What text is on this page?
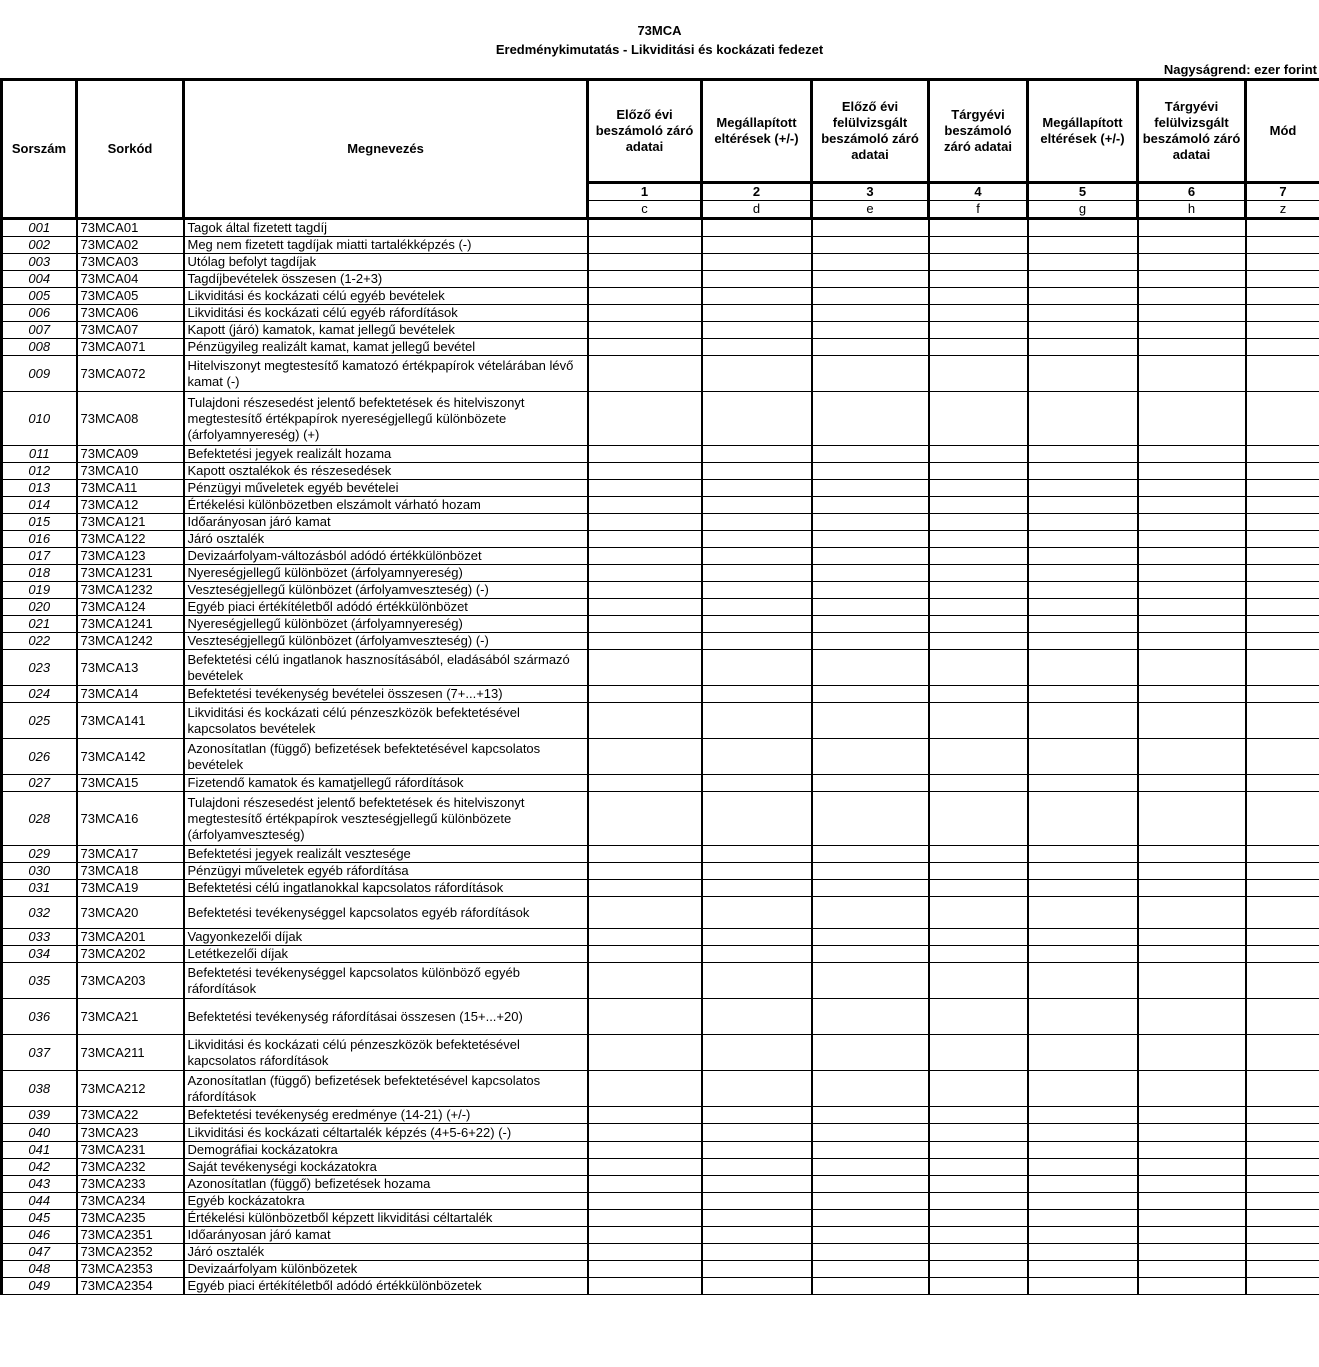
73MCA
Eredménykimutatás - Likviditási és kockázati fedezet
Nagyságrend: ezer forint
Sorszám	Sorkód	Megnevezés	Előző évi beszámoló záró adatai	Megállapított eltérések (+/-)	Előző évi felülvizsgált beszámoló záró adatai	Tárgyévi beszámoló záró adatai	Megállapított eltérések (+/-)	Tárgyévi felülvizsgált beszámoló záró adatai	Mód
			1	2	3	4	5	6	7
			c	d	e	f	g	h	z
001	73MCA01	Tagok által fizetett tagdíj							
002	73MCA02	Meg nem fizetett tagdíjak miatti tartalékképzés (-)							
003	73MCA03	Utólag befolyt tagdíjak							
004	73MCA04	Tagdíjbevételek összesen (1-2+3)							
005	73MCA05	Likviditási és kockázati célú egyéb bevételek							
006	73MCA06	Likviditási és kockázati célú egyéb ráfordítások							
007	73MCA07	Kapott (járó) kamatok, kamat jellegű bevételek							
008	73MCA071	Pénzügyileg realizált kamat, kamat jellegű bevétel							
009	73MCA072	Hitelviszonyt megtestesítő kamatozó értékpapírok vételárában lévő kamat (-)							
010	73MCA08	Tulajdoni részesedést jelentő befektetések és hitelviszonyt megtestesítő értékpapírok nyereségjellegű különbözete (árfolyamnyereség) (+)							
011	73MCA09	Befektetési jegyek realizált hozama							
012	73MCA10	Kapott osztalékok és részesedések							
013	73MCA11	Pénzügyi műveletek egyéb bevételei							
014	73MCA12	Értékelési különbözetben elszámolt várható hozam							
015	73MCA121	Időarányosan járó kamat							
016	73MCA122	Járó osztalék							
017	73MCA123	Devizaárfolyam-változásból adódó értékkülönbözet							
018	73MCA1231	Nyereségjellegű különbözet (árfolyamnyereség)							
019	73MCA1232	Veszteségjellegű különbözet (árfolyamveszteség) (-)							
020	73MCA124	Egyéb piaci értékítéletből adódó értékkülönbözet							
021	73MCA1241	Nyereségjellegű különbözet (árfolyamnyereség)							
022	73MCA1242	Veszteségjellegű különbözet (árfolyamveszteség) (-)							
023	73MCA13	Befektetési célú ingatlanok hasznosításából, eladásából származó bevételek							
024	73MCA14	Befektetési tevékenység bevételei összesen (7+...+13)							
025	73MCA141	Likviditási és kockázati célú pénzeszközök befektetésével kapcsolatos bevételek							
026	73MCA142	Azonosítatlan (függő) befizetések befektetésével kapcsolatos bevételek							
027	73MCA15	Fizetendő kamatok és kamatjellegű ráfordítások							
028	73MCA16	Tulajdoni részesedést jelentő befektetések és hitelviszonyt megtestesítő értékpapírok veszteségjellegű különbözete (árfolyamveszteség)							
029	73MCA17	Befektetési jegyek realizált vesztesége							
030	73MCA18	Pénzügyi műveletek egyéb ráfordítása							
031	73MCA19	Befektetési célú ingatlanokkal kapcsolatos ráfordítások							
032	73MCA20	Befektetési tevékenységgel kapcsolatos egyéb ráfordítások							
033	73MCA201	Vagyonkezelői díjak							
034	73MCA202	Letétkezelői díjak							
035	73MCA203	Befektetési tevékenységgel kapcsolatos különböző egyéb ráfordítások							
036	73MCA21	Befektetési tevékenység ráfordításai összesen (15+...+20)							
037	73MCA211	Likviditási és kockázati célú pénzeszközök befektetésével kapcsolatos ráfordítások							
038	73MCA212	Azonosítatlan (függő) befizetések befektetésével kapcsolatos ráfordítások							
039	73MCA22	Befektetési tevékenység eredménye (14-21) (+/-)							
040	73MCA23	Likviditási és kockázati céltartalék képzés (4+5-6+22) (-)							
041	73MCA231	Demográfiai kockázatokra							
042	73MCA232	Saját tevékenységi kockázatokra							
043	73MCA233	Azonosítatlan (függő) befizetések hozama							
044	73MCA234	Egyéb kockázatokra							
045	73MCA235	Értékelési különbözetből képzett likviditási céltartalék							
046	73MCA2351	Időarányosan járó kamat							
047	73MCA2352	Járó osztalék							
048	73MCA2353	Devizaárfolyam különbözetek							
049	73MCA2354	Egyéb piaci értékítéletből adódó értékkülönbözetek							
